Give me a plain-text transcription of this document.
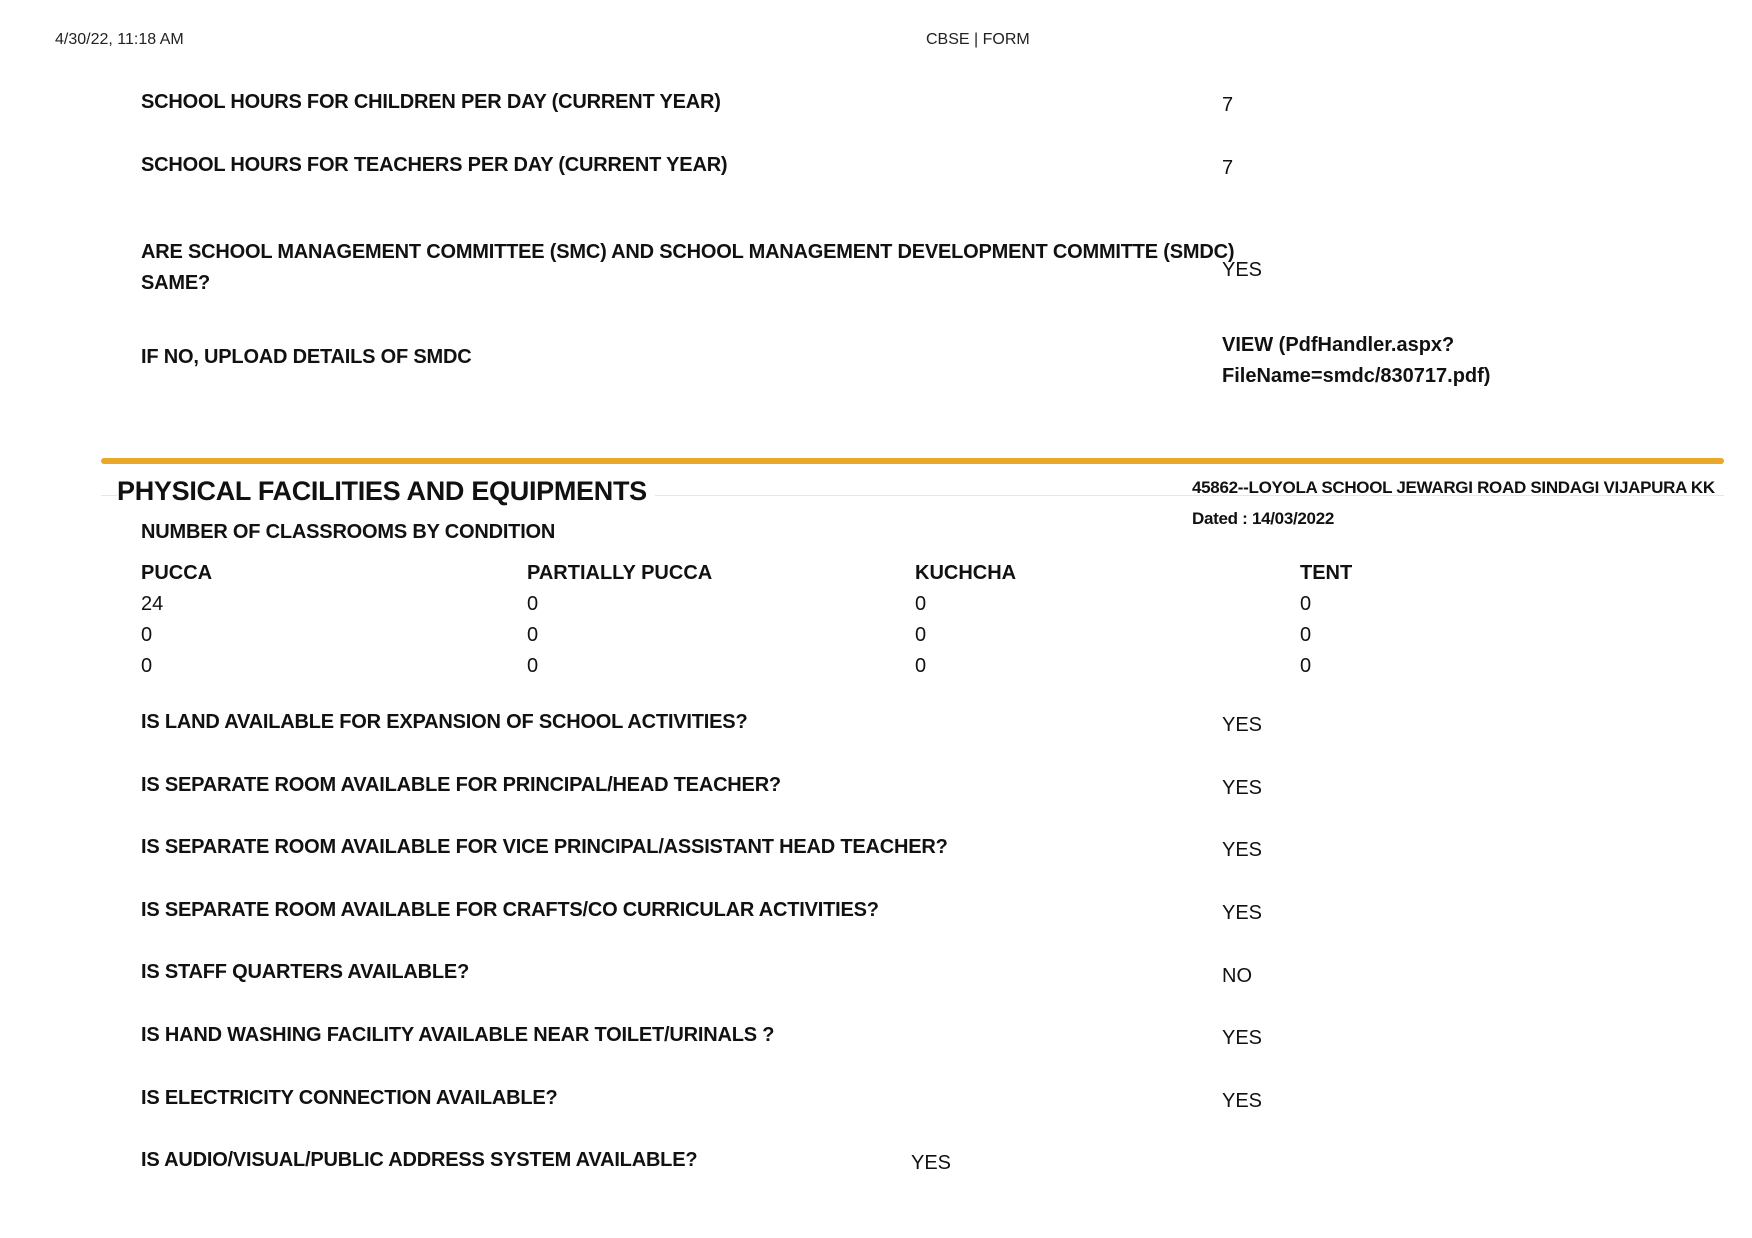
4/30/22, 11:18 AM	CBSE | FORM
SCHOOL HOURS FOR CHILDREN PER DAY (CURRENT YEAR)	7
SCHOOL HOURS FOR TEACHERS PER DAY (CURRENT YEAR)	7
ARE SCHOOL MANAGEMENT COMMITTEE (SMC) AND SCHOOL MANAGEMENT DEVELOPMENT COMMITTE (SMDC)
SAME?
YES
IF NO, UPLOAD DETAILS OF SMDC
VIEW (PdfHandler.aspx?
FileName=smdc/830717.pdf)
PHYSICAL FACILITIES AND EQUIPMENTS	45862--LOYOLA SCHOOL JEWARGI ROAD SINDAGI VIJAPURA KK
Dated : 14/03/2022
NUMBER OF CLASSROOMS BY CONDITION
PUCCA	PARTIALLY PUCCA	KUCHCHA	TENT
24	0	0	0
0	0	0	0
0	0	0	0
IS LAND AVAILABLE FOR EXPANSION OF SCHOOL ACTIVITIES?	YES
IS SEPARATE ROOM AVAILABLE FOR PRINCIPAL/HEAD TEACHER?	YES
IS SEPARATE ROOM AVAILABLE FOR VICE PRINCIPAL/ASSISTANT HEAD TEACHER?	YES
IS SEPARATE ROOM AVAILABLE FOR CRAFTS/CO CURRICULAR ACTIVITIES?	YES
IS STAFF QUARTERS AVAILABLE?	NO
IS HAND WASHING FACILITY AVAILABLE NEAR TOILET/URINALS ?	YES
IS ELECTRICITY CONNECTION AVAILABLE?	YES
IS AUDIO/VISUAL/PUBLIC ADDRESS SYSTEM AVAILABLE?	YES
